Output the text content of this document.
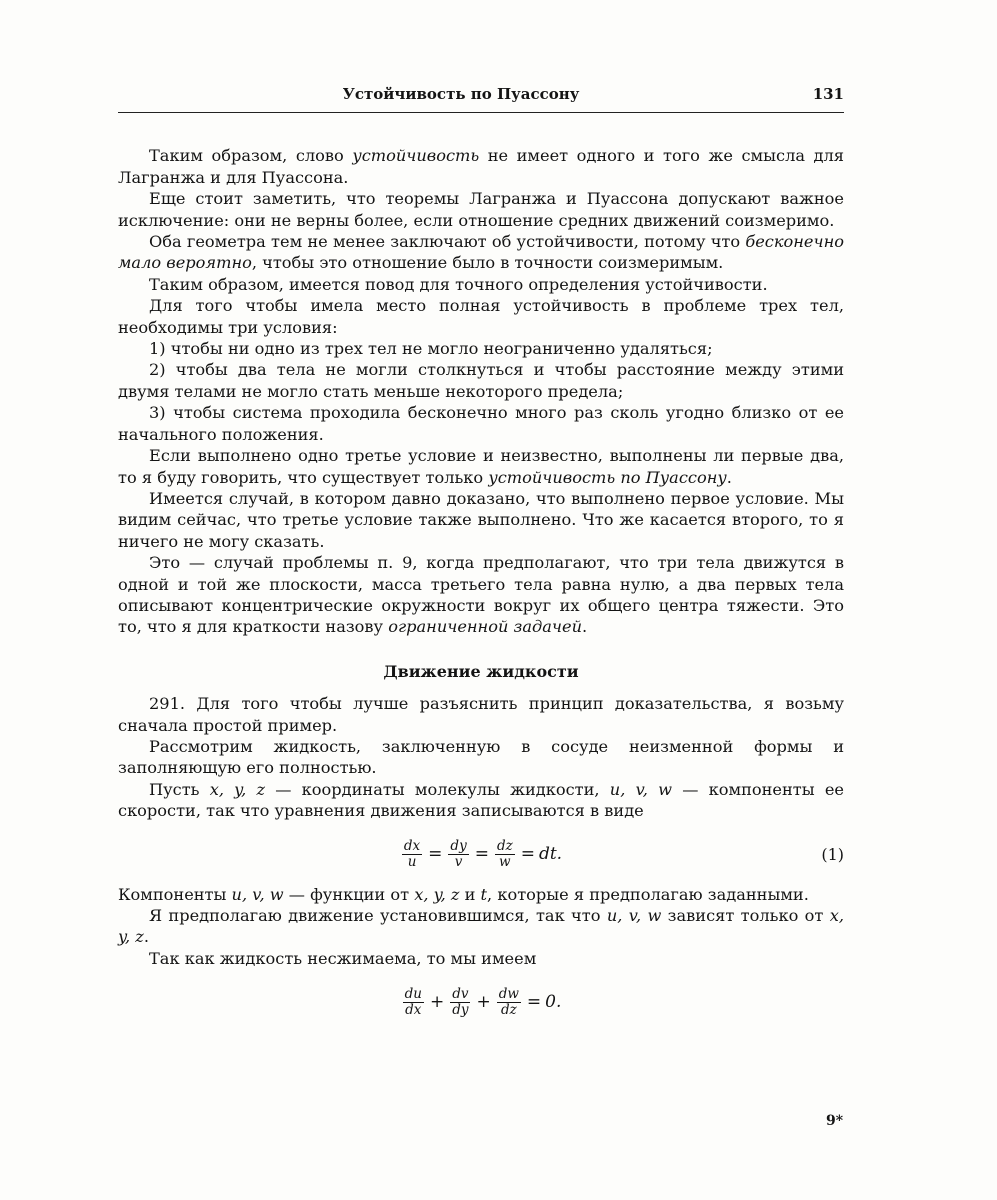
Устойчивость по Пуассону	131

Таким образом, слово устойчивость не имеет одного и того же смысла для Лагранжа и для Пуассона.

Еще стоит заметить, что теоремы Лагранжа и Пуассона допускают важное исключение: они не верны более, если отношение средних движений соизмеримо.

Оба геометра тем не менее заключают об устойчивости, потому что бесконечно мало вероятно, чтобы это отношение было в точности соизмеримым.

Таким образом, имеется повод для точного определения устойчивости.

Для того чтобы имела место полная устойчивость в проблеме трех тел, необходимы три условия:

1) чтобы ни одно из трех тел не могло неограниченно удаляться;

2) чтобы два тела не могли столкнуться и чтобы расстояние между этими двумя телами не могло стать меньше некоторого предела;

3) чтобы система проходила бесконечно много раз сколь угодно близко от ее начального положения.

Если выполнено одно третье условие и неизвестно, выполнены ли первые два, то я буду говорить, что существует только устойчивость по Пуассону.

Имеется случай, в котором давно доказано, что выполнено первое условие. Мы видим сейчас, что третье условие также выполнено. Что же касается второго, то я ничего не могу сказать.

Это — случай проблемы п. 9, когда предполагают, что три тела движутся в одной и той же плоскости, масса третьего тела равна нулю, а два первых тела описывают концентрические окружности вокруг их общего центра тяжести. Это то, что я для краткости назову ограниченной задачей.

Движение жидкости

291. Для того чтобы лучше разъяснить принцип доказательства, я возьму сначала простой пример.

Рассмотрим жидкость, заключенную в сосуде неизменной формы и заполняющую его полностью.

Пусть x, y, z — координаты молекулы жидкости, u, v, w — компоненты ее скорости, так что уравнения движения записываются в виде

$\frac{dx}{u} = \frac{dy}{v} = \frac{dz}{w}$ = dt.	(1)

Компоненты u, v, w — функции от x, y, z и t, которые я предполагаю заданными.

Я предполагаю движение установившимся, так что u, v, w зависят только от x, y, z.

Так как жидкость несжимаема, то мы имеем

$\frac{du}{dx} + \frac{dv}{dy} + \frac{dw}{dz} = 0$.
9*
